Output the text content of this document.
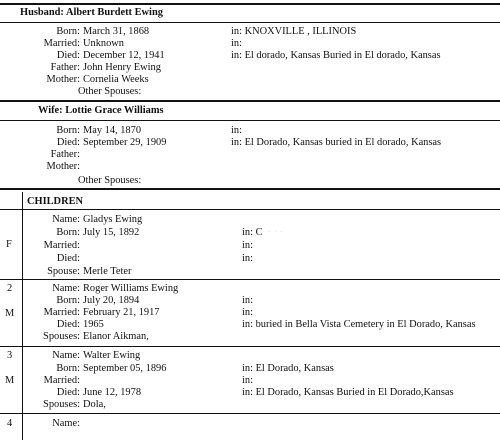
Husband: Albert Burdett Ewing
Born: March 31, 1868	in: KNOXVILLE , ILLINOIS
Married: Unknown	in:
Died: December 12, 1941	in: El dorado, Kansas Buried in El dorado, Kansas
Father: John Henry Ewing
Mother: Cornelia Weeks
Other Spouses:
Wife: Lottie Grace Williams
Born: May 14, 1870	in:
Died: September 29, 1909	in: El Dorado, Kansas buried in El dorado, Kansas
Father:
Mother:
Other Spouses:
CHILDREN
F
Name: Gladys Ewing
Born: July 15, 1892	in: C · · ·
Married:	in:
Died:	in:
Spouse: Merle Teter
2
M
Name: Roger Williams Ewing
Born: July 20, 1894	in:
Married: February 21, 1917	in:
Died: 1965	in: buried in Bella Vista Cemetery in El Dorado, Kansas
Spouses: Elanor Aikman,
3
M
Name: Walter Ewing
Born: September 05, 1896	in: El Dorado, Kansas
Married:	in:
Died: June 12, 1978	in: El Dorado, Kansas Buried in El Dorado,Kansas
Spouses: Dola,
4	Name:
